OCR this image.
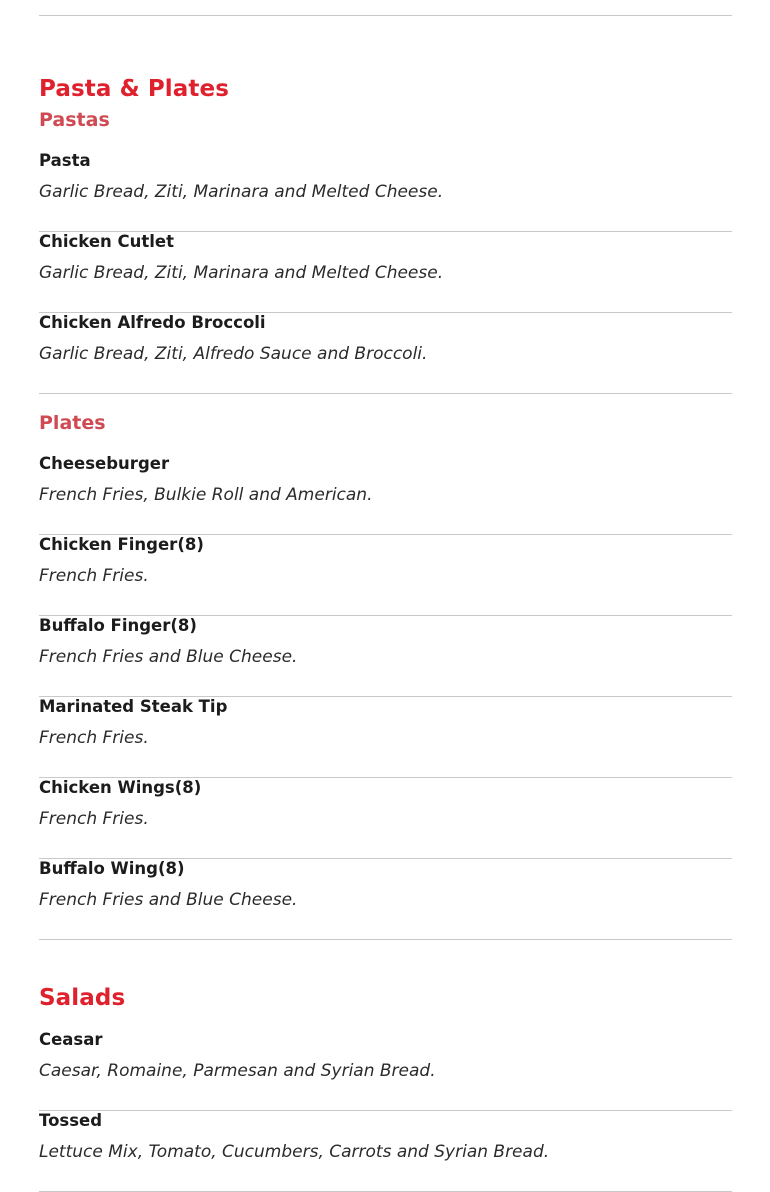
Pasta & Plates
Pastas
Pasta
Garlic Bread, Ziti, Marinara and Melted Cheese.
Chicken Cutlet
Garlic Bread, Ziti, Marinara and Melted Cheese.
Chicken Alfredo Broccoli
Garlic Bread, Ziti, Alfredo Sauce and Broccoli.
Plates
Cheeseburger
French Fries, Bulkie Roll and American.
Chicken Finger(8)
French Fries.
Buffalo Finger(8)
French Fries and Blue Cheese.
Marinated Steak Tip
French Fries.
Chicken Wings(8)
French Fries.
Buffalo Wing(8)
French Fries and Blue Cheese.
Salads
Ceasar
Caesar, Romaine, Parmesan and Syrian Bread.
Tossed
Lettuce Mix, Tomato, Cucumbers, Carrots and Syrian Bread.
